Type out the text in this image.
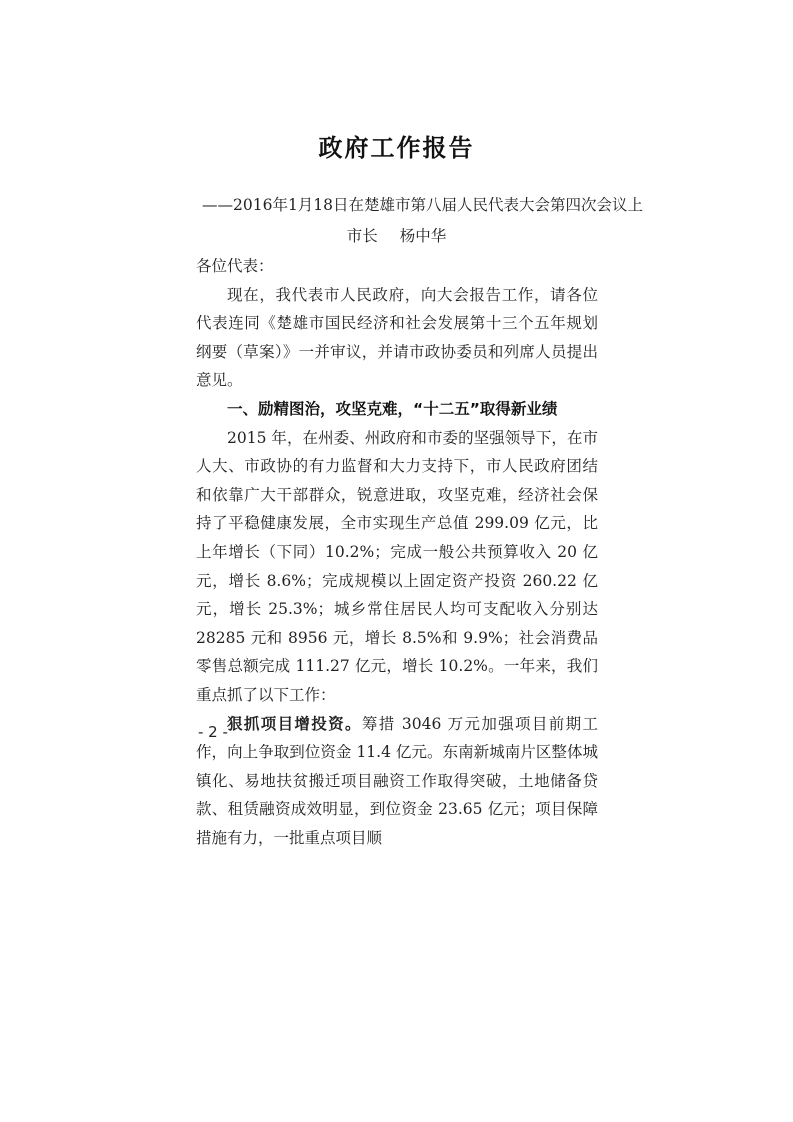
政府工作报告
——2016年1月18日在楚雄市第八届人民代表大会第四次会议上
市长 杨中华

各位代表：

现在，我代表市人民政府，向大会报告工作，请各位代表连同《楚雄市国民经济和社会发展第十三个五年规划纲要（草案）》一并审议，并请市政协委员和列席人员提出意见。

一、励精图治，攻坚克难，“十二五”取得新业绩

2015 年，在州委、州政府和市委的坚强领导下，在市人大、市政协的有力监督和大力支持下，市人民政府团结和依靠广大干部群众，锐意进取，攻坚克难，经济社会保持了平稳健康发展，全市实现生产总值 299.09 亿元，比上年增长（下同）10.2%；完成一般公共预算收入 20 亿元，增长 8.6%；完成规模以上固定资产投资 260.22 亿元，增长 25.3%；城乡常住居民人均可支配收入分别达 28285 元和 8956 元，增长 8.5%和 9.9%；社会消费品零售总额完成 111.27 亿元，增长 10.2%。一年来，我们重点抓了以下工作：

狠抓项目增投资。筹措 3046 万元加强项目前期工作，向上争取到位资金 11.4 亿元。东南新城南片区整体城镇化、易地扶贫搬迁项目融资工作取得突破，土地储备贷款、租赁融资成效明显，到位资金 23.65 亿元；项目保障措施有力，一批重点项目顺

- 2 -
